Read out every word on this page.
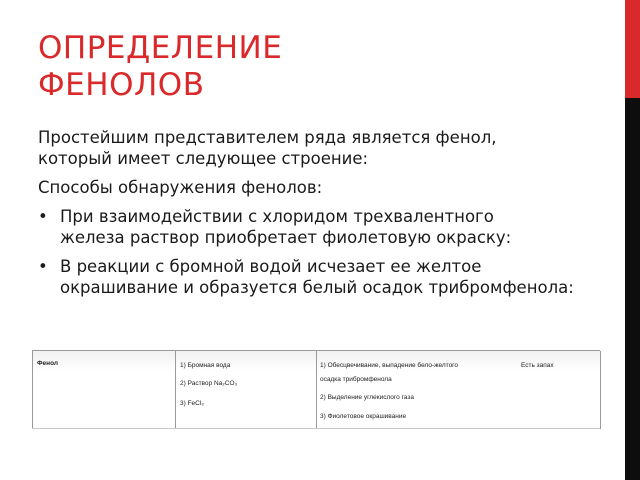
ОПРЕДЕЛЕНИЕ
ФЕНОЛОВ

Простейшим представителем ряда является фенол, который имеет следующее строение:

Способы обнаружения фенолов:

• При взаимодействии с хлоридом трехвалентного железа раствор приобретает фиолетовую окраску:
• В реакции с бромной водой исчезает ее желтое окрашивание и образуется белый осадок трибромфенола:
Фенол	1) Бромная вода
2) Раствор Na₂CO₃
3) FeCl₃
1) Обесцвечивание, выпадение бело-желтого
осадка трибромфенола
2) Выделение углекислого газа
3) Фиолетовое окрашивание
Есть запах
